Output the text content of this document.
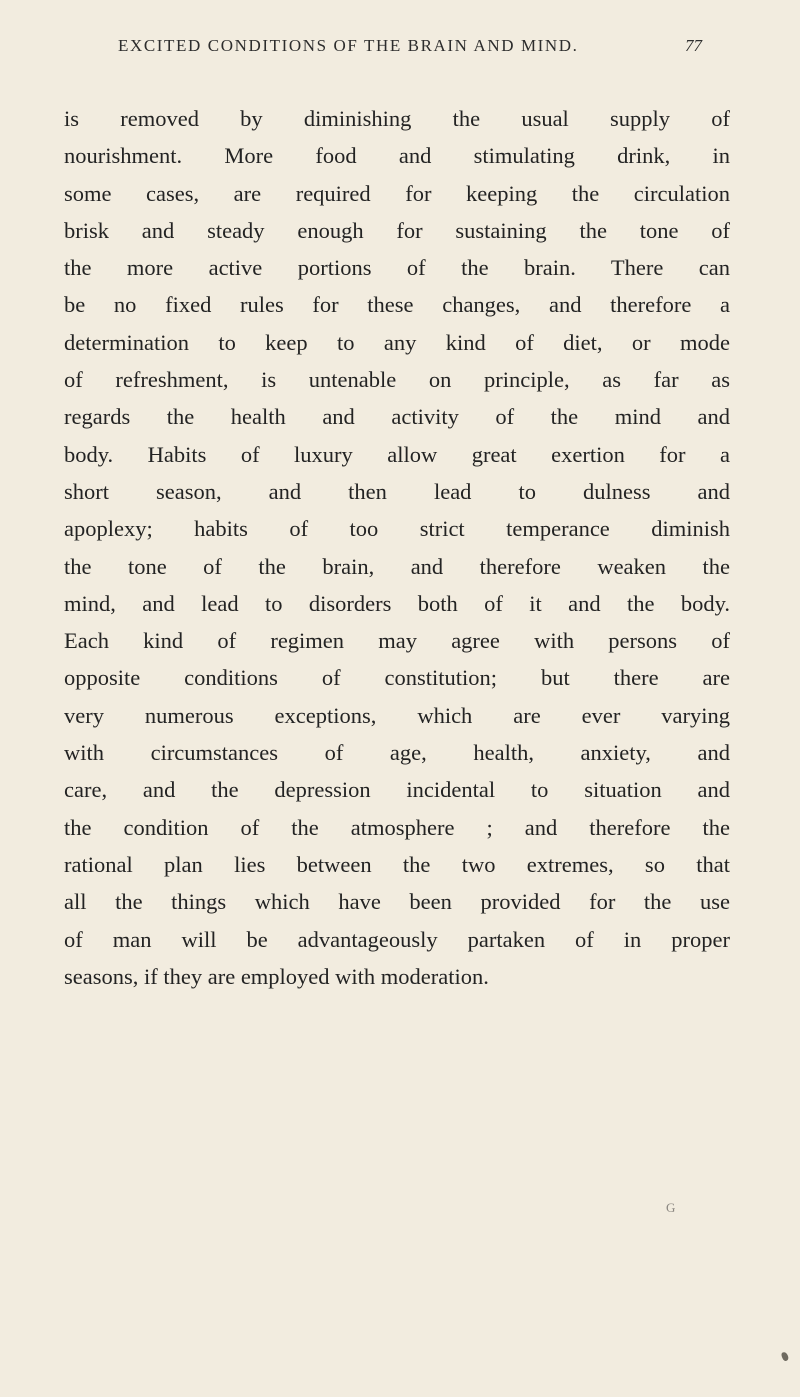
EXCITED CONDITIONS OF THE BRAIN AND MIND.	77
is removed by diminishing the usual supply of
nourishment. More food and stimulating drink, in
some cases, are required for keeping the circulation
brisk and steady enough for sustaining the tone of
the more active portions of the brain. There can
be no fixed rules for these changes, and therefore a
determination to keep to any kind of diet, or mode
of refreshment, is untenable on principle, as far as
regards the health and activity of the mind and
body. Habits of luxury allow great exertion for a
short season, and then lead to dulness and
apoplexy; habits of too strict temperance diminish
the tone of the brain, and therefore weaken the
mind, and lead to disorders both of it and the body.
Each kind of regimen may agree with persons of
opposite conditions of constitution; but there are
very numerous exceptions, which are ever varying
with circumstances of age, health, anxiety, and
care, and the depression incidental to situation and
the condition of the atmosphere ; and therefore the
rational plan lies between the two extremes, so that
all the things which have been provided for the use
of man will be advantageously partaken of in proper
seasons, if they are employed with moderation.
G
